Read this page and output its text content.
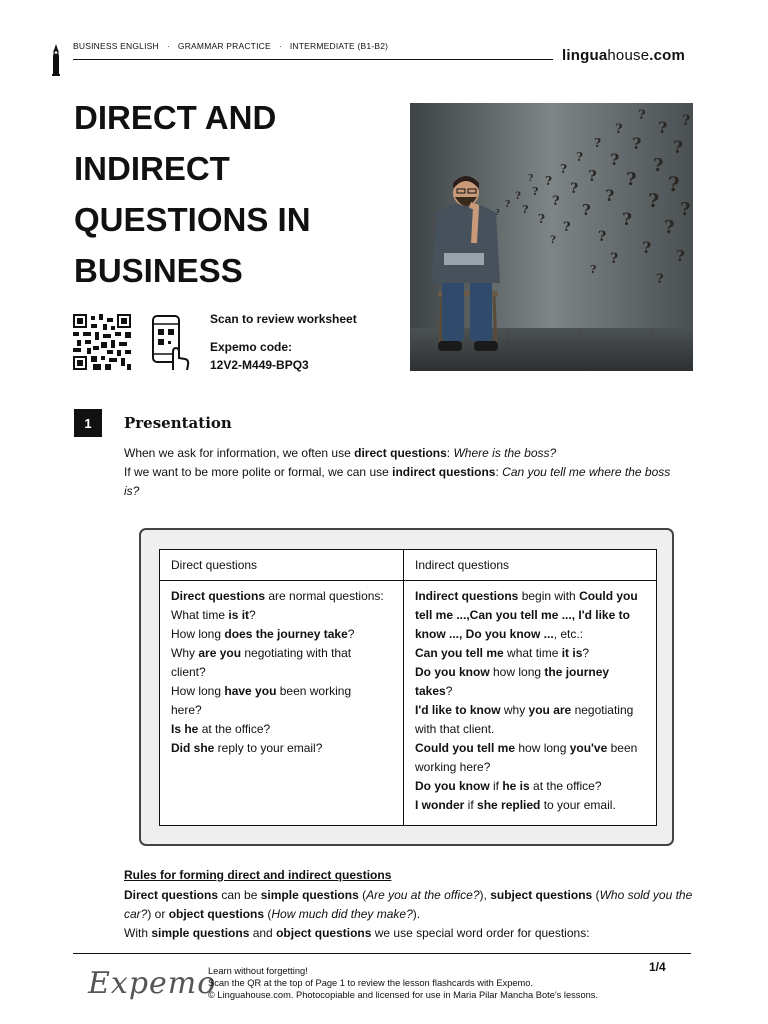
BUSINESS ENGLISH · GRAMMAR PRACTICE · INTERMEDIATE (B1-B2)
linguahouse.com
DIRECT AND
INDIRECT
QUESTIONS IN
BUSINESS
?
?
?
?
?
?
?
?
?
?
?
?
?
?
?
?
?
?
?
?
?
?
?
?
?
?
?
?
?
?
?
?
?
?
?
?
?
?
Scan to review worksheet
Expemo code:
12V2-M449-BPQ3
1	Presentation
When we ask for information, we often use direct questions: Where is the boss?
If we want to be more polite or formal, we can use indirect questions: Can you tell me where the boss
is?
Direct questions	Indirect questions
Direct questions are normal questions:
What time is it?
How long does the journey take?
Why are you negotiating with that
client?
How long have you been working
here?
Is he at the office?
Did she reply to your email?
Indirect questions begin with Could you
tell me ...,Can you tell me ..., I'd like to
know ..., Do you know ..., etc.:
Can you tell me what time it is?
Do you know how long the journey
takes?
I'd like to know why you are negotiating
with that client.
Could you tell me how long you've been
working here?
Do you know if he is at the office?
I wonder if she replied to your email.
Rules for forming direct and indirect questions
Direct questions can be simple questions (Are you at the office?), subject questions (Who sold you the
car?) or object questions (How much did they make?).
With simple questions and object questions we use special word order for questions:
Expemo
Learn without forgetting!
Scan the QR at the top of Page 1 to review the lesson flashcards with Expemo.
© Linguahouse.com. Photocopiable and licensed for use in Maria Pilar Mancha Bote's lessons.
1/4
